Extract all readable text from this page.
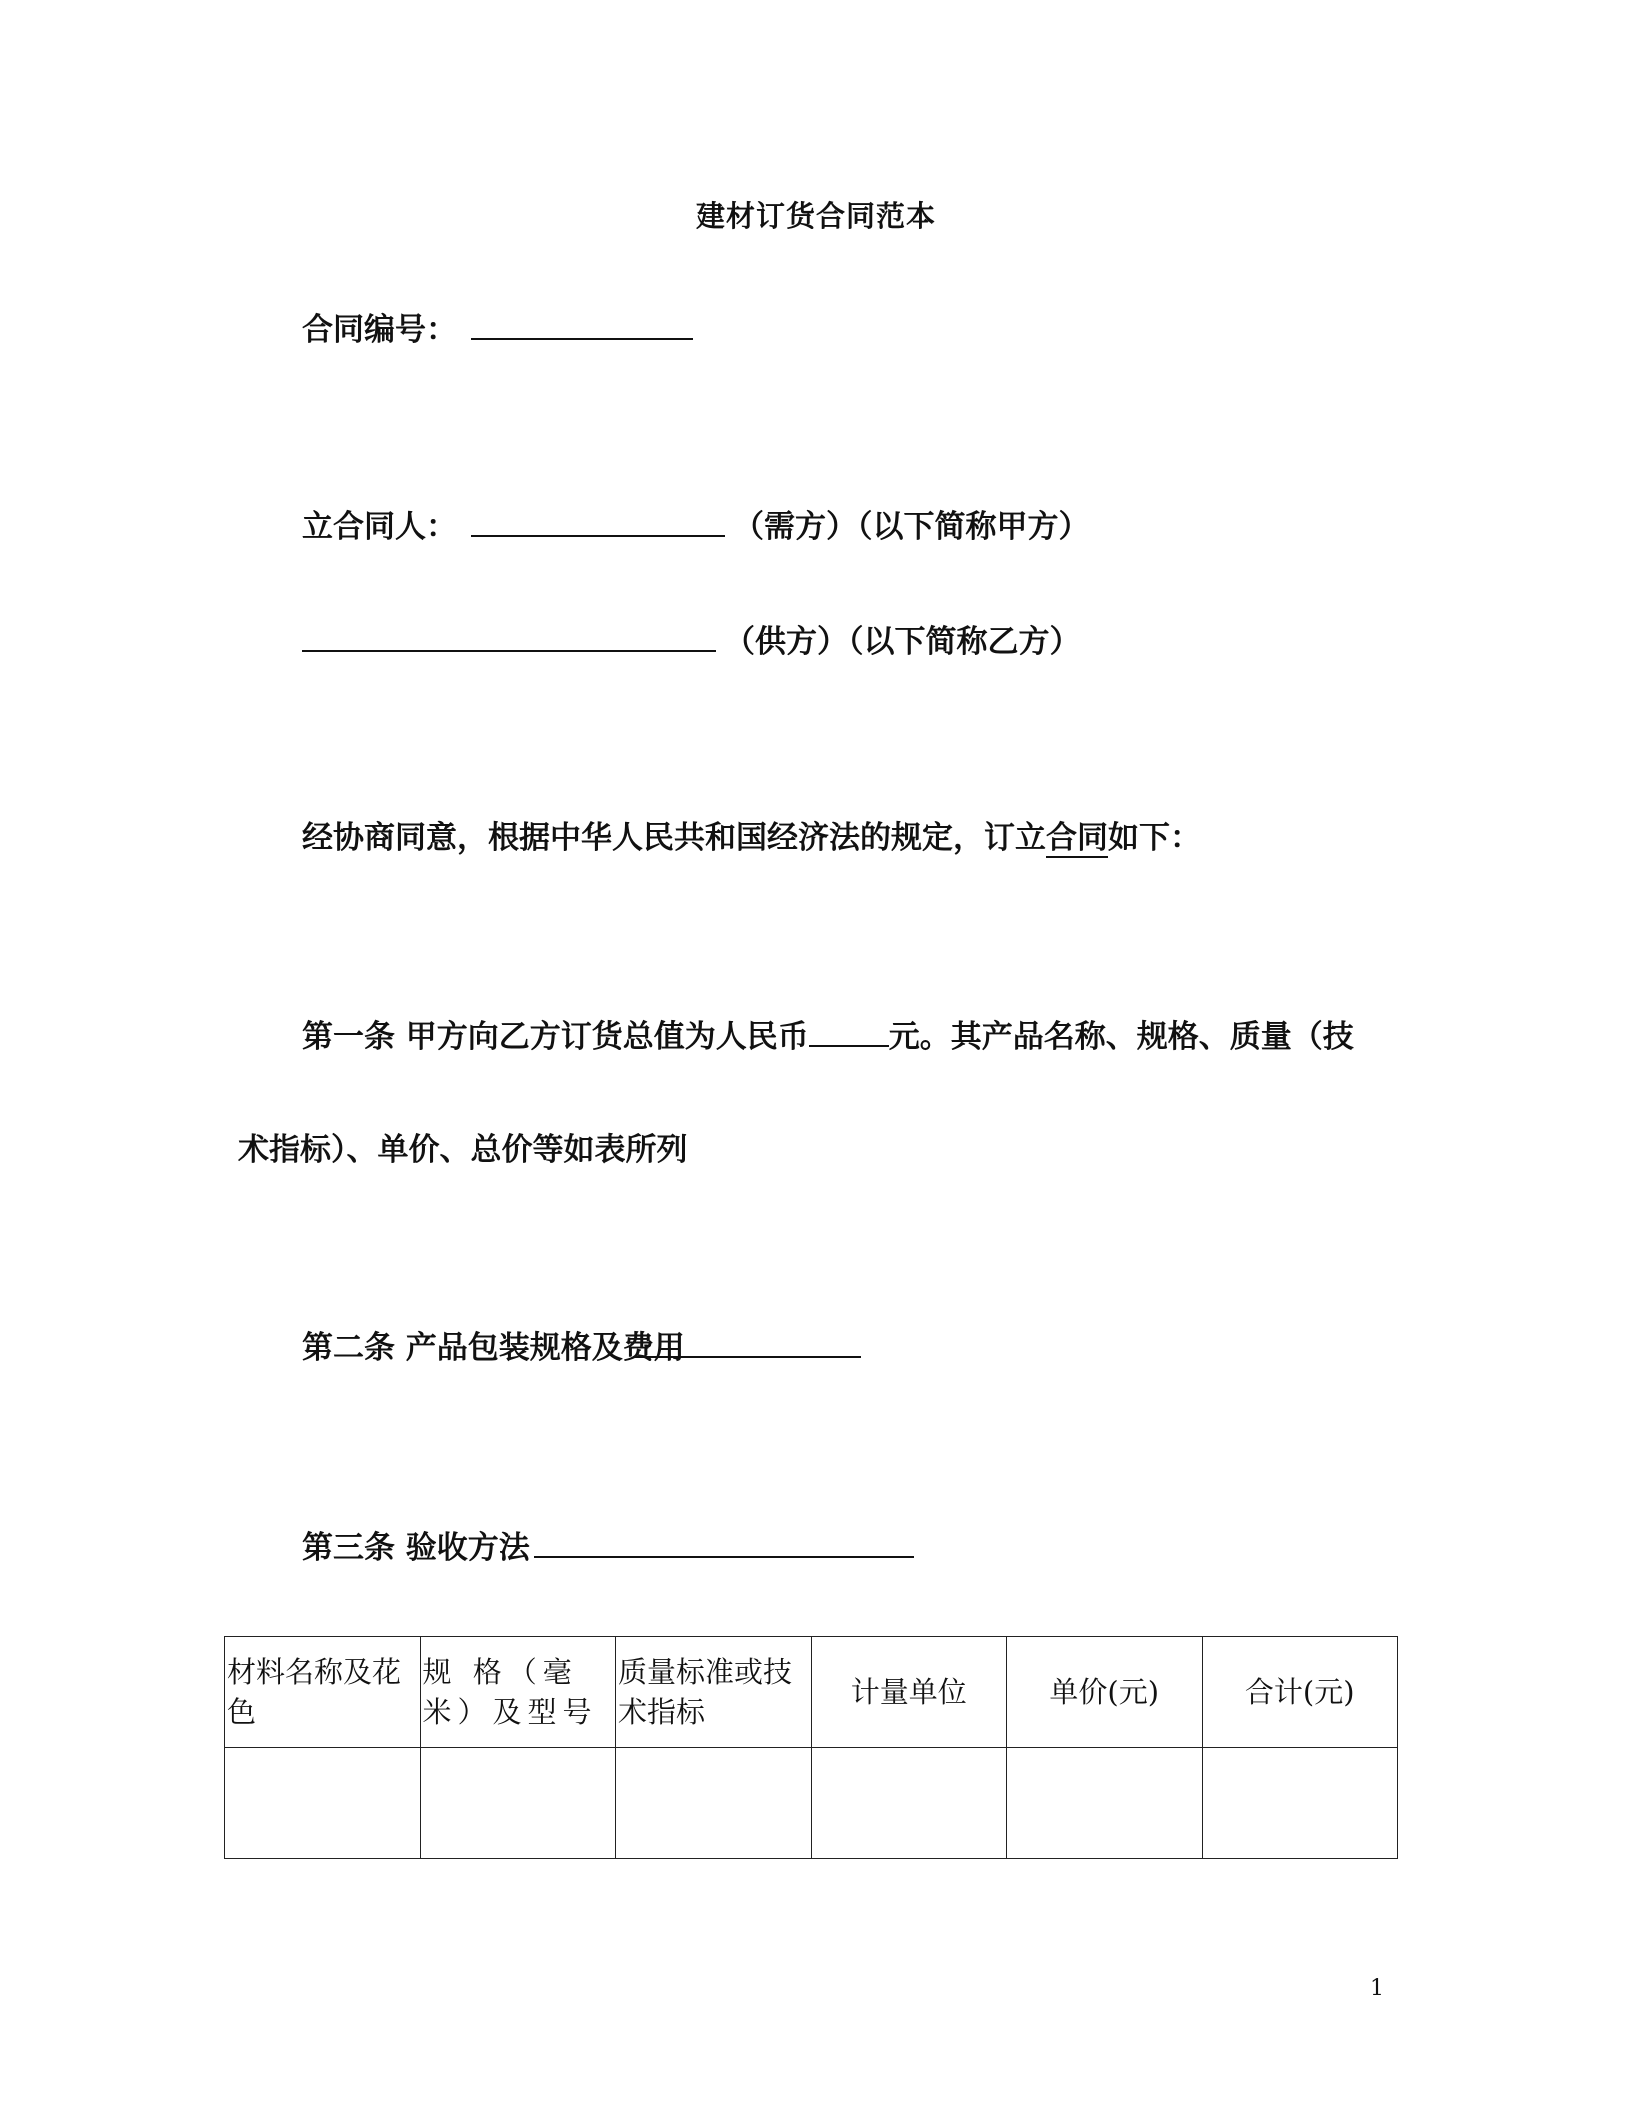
建材订货合同范本
合同编号：
立合同人：	（需方）（以下简称甲方）
（供方）（以下简称乙方）
经协商同意，根据中华人民共和国经济法的规定，订立合同如下：
第一条 甲方向乙方订货总值为人民币	元。其产品名称、规格、质量（技
术指标）、单价、总价等如表所列
第二条 产品包装规格及费用
第三条 验收方法
材料名称及花色	规 格（毫 米）及型号	质量标准或技术指标	计量单位	单价(元)	合计(元)

1
